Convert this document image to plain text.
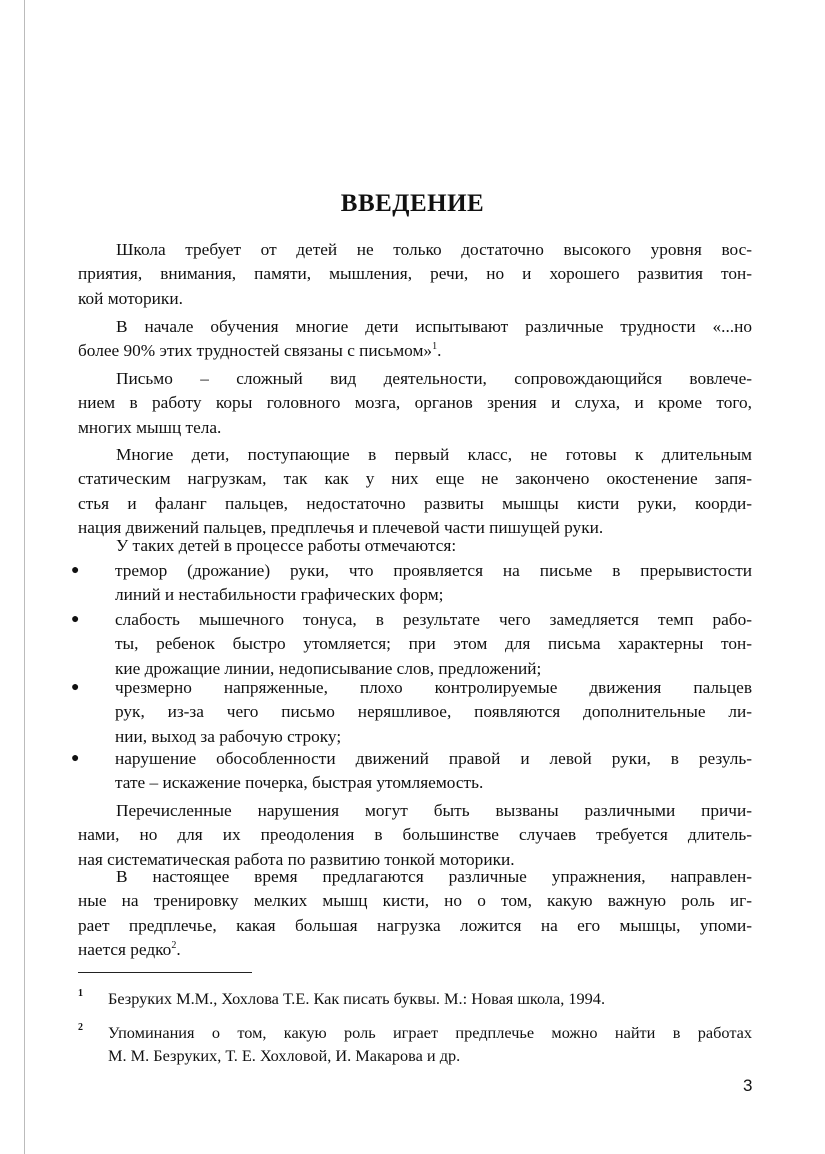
ВВЕДЕНИЕ
Школа требует от детей не только достаточно высокого уровня вос-
приятия, внимания, памяти, мышления, речи, но и хорошего развития тон-
кой моторики.
В начале обучения многие дети испытывают различные трудности «...но
более 90% этих трудностей связаны с письмом»$^1$.
Письмо – сложный вид деятельности, сопровождающийся вовлече-
нием в работу коры головного мозга, органов зрения и слуха, и кроме того,
многих мышц тела.
Многие дети, поступающие в первый класс, не готовы к длительным
статическим нагрузкам, так как у них еще не закончено окостенение запя-
стья и фаланг пальцев, недостаточно развиты мышцы кисти руки, коорди-
нация движений пальцев, предплечья и плечевой части пишущей руки.
У таких детей в процессе работы отмечаются:
● тремор (дрожание) руки, что проявляется на письме в прерывистости
линий и нестабильности графических форм;
● слабость мышечного тонуса, в результате чего замедляется темп рабо-
ты, ребенок быстро утомляется; при этом для письма характерны тон-
кие дрожащие линии, недописывание слов, предложений;
● чрезмерно напряженные, плохо контролируемые движения пальцев
рук, из-за чего письмо неряшливое, появляются дополнительные ли-
нии, выход за рабочую строку;
● нарушение обособленности движений правой и левой руки, в резуль-
тате – искажение почерка, быстрая утомляемость.
Перечисленные нарушения могут быть вызваны различными причи-
нами, но для их преодоления в большинстве случаев требуется длитель-
ная систематическая работа по развитию тонкой моторики.
В настоящее время предлагаются различные упражнения, направлен-
ные на тренировку мелких мышц кисти, но о том, какую важную роль иг-
рает предплечье, какая большая нагрузка ложится на его мышцы, упоми-
нается редко$^2$.
1 Безруких М.М., Хохлова Т.Е. Как писать буквы. М.: Новая школа, 1994.
2 Упоминания о том, какую роль играет предплечье можно найти в работах
М. М. Безруких, Т. Е. Хохловой, И. Макарова и др.
3
